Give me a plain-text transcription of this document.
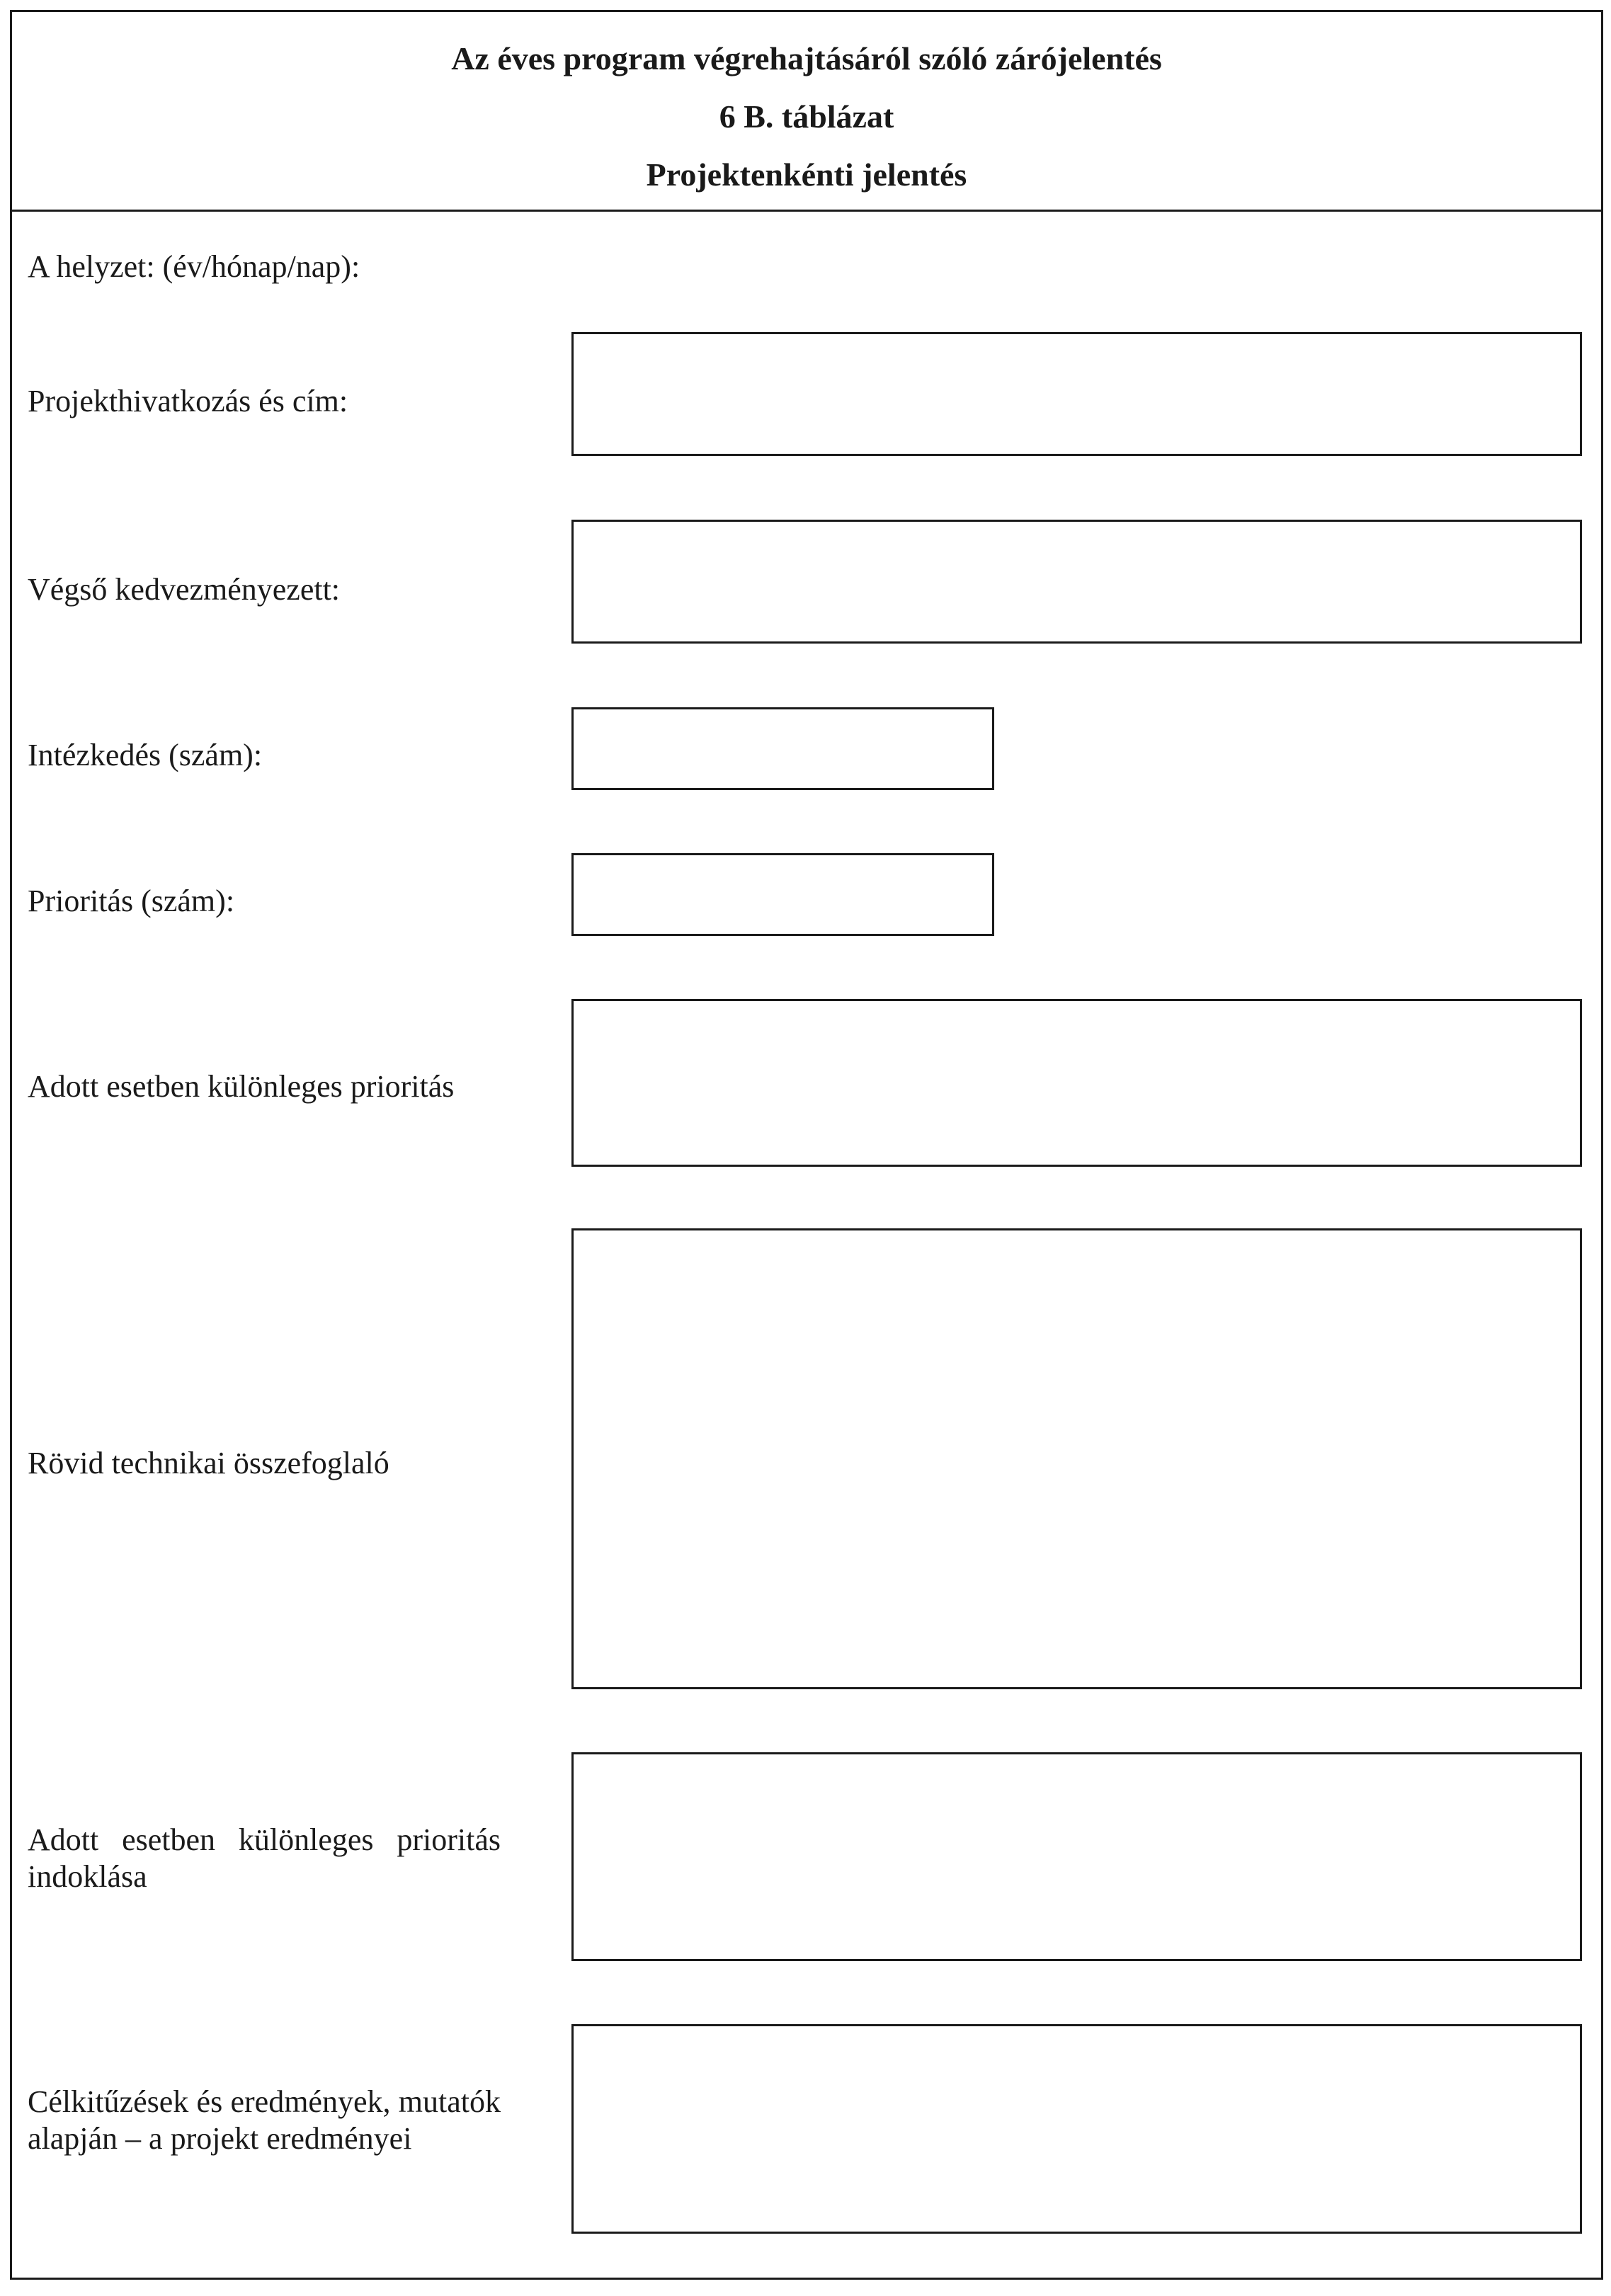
Az éves program végrehajtásáról szóló zárójelentés
6 B. táblázat
Projektenkénti jelentés
A helyzet: (év/hónap/nap):
Projekthivatkozás és cím:
Végső kedvezményezett:
Intézkedés (szám):
Prioritás (szám):
Adott esetben különleges prioritás
Rövid technikai összefoglaló
Adott esetben különleges prioritás indoklása
Célkitűzések és eredmények, mutatók alapján – a projekt eredményei
